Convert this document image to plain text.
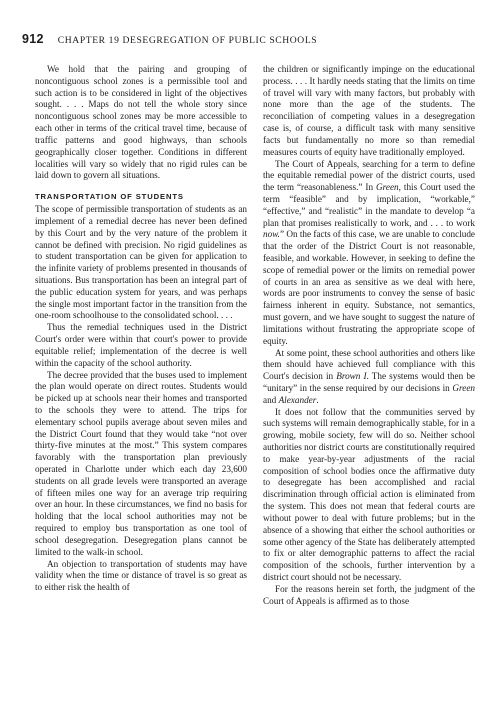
912 CHAPTER 19 DESEGREGATION OF PUBLIC SCHOOLS

We hold that the pairing and grouping of noncontiguous school zones is a permissible tool and such action is to be considered in light of the objectives sought. . . . Maps do not tell the whole story since noncontiguous school zones may be more accessible to each other in terms of the critical travel time, because of traffic patterns and good highways, than schools geographically closer together. Conditions in different localities will vary so widely that no rigid rules can be laid down to govern all situations.

TRANSPORTATION OF STUDENTS

The scope of permissible transportation of students as an implement of a remedial decree has never been defined by this Court and by the very nature of the problem it cannot be defined with precision. No rigid guidelines as to student transportation can be given for application to the infinite variety of problems presented in thousands of situations. Bus transportation has been an integral part of the public education system for years, and was perhaps the single most important factor in the transition from the one-room schoolhouse to the consolidated school. . . .

Thus the remedial techniques used in the District Court's order were within that court's power to provide equitable relief; implementation of the decree is well within the capacity of the school authority.

The decree provided that the buses used to implement the plan would operate on direct routes. Students would be picked up at schools near their homes and transported to the schools they were to attend. The trips for elementary school pupils average about seven miles and the District Court found that they would take “not over thirty-five minutes at the most.” This system compares favorably with the transportation plan previously operated in Charlotte under which each day 23,600 students on all grade levels were transported an average of fifteen miles one way for an average trip requiring over an hour. In these circumstances, we find no basis for holding that the local school authorities may not be required to employ bus transportation as one tool of school desegregation. Desegregation plans cannot be limited to the walk-in school.

An objection to transportation of students may have validity when the time or distance of travel is so great as to either risk the health of

the children or significantly impinge on the educational process. . . . It hardly needs stating that the limits on time of travel will vary with many factors, but probably with none more than the age of the students. The reconciliation of competing values in a desegregation case is, of course, a difficult task with many sensitive facts but fundamentally no more so than remedial measures courts of equity have traditionally employed.

The Court of Appeals, searching for a term to define the equitable remedial power of the district courts, used the term “reasonableness.” In Green, this Court used the term “feasible” and by implication, “workable,” “effective,” and “realistic” in the mandate to develop “a plan that promises realistically to work, and . . . to work now.” On the facts of this case, we are unable to conclude that the order of the District Court is not reasonable, feasible, and workable. However, in seeking to define the scope of remedial power or the limits on remedial power of courts in an area as sensitive as we deal with here, words are poor instruments to convey the sense of basic fairness inherent in equity. Substance, not semantics, must govern, and we have sought to suggest the nature of limitations without frustrating the appropriate scope of equity.

At some point, these school authorities and others like them should have achieved full compliance with this Court's decision in Brown I. The systems would then be “unitary” in the sense required by our decisions in Green and Alexander.

It does not follow that the communities served by such systems will remain demographically stable, for in a growing, mobile society, few will do so. Neither school authorities nor district courts are constitutionally required to make year-by-year adjustments of the racial composition of school bodies once the affirmative duty to desegregate has been accomplished and racial discrimination through official action is eliminated from the system. This does not mean that federal courts are without power to deal with future problems; but in the absence of a showing that either the school authorities or some other agency of the State has deliberately attempted to fix or alter demographic patterns to affect the racial composition of the schools, further intervention by a district court should not be necessary.

For the reasons herein set forth, the judgment of the Court of Appeals is affirmed as to those
